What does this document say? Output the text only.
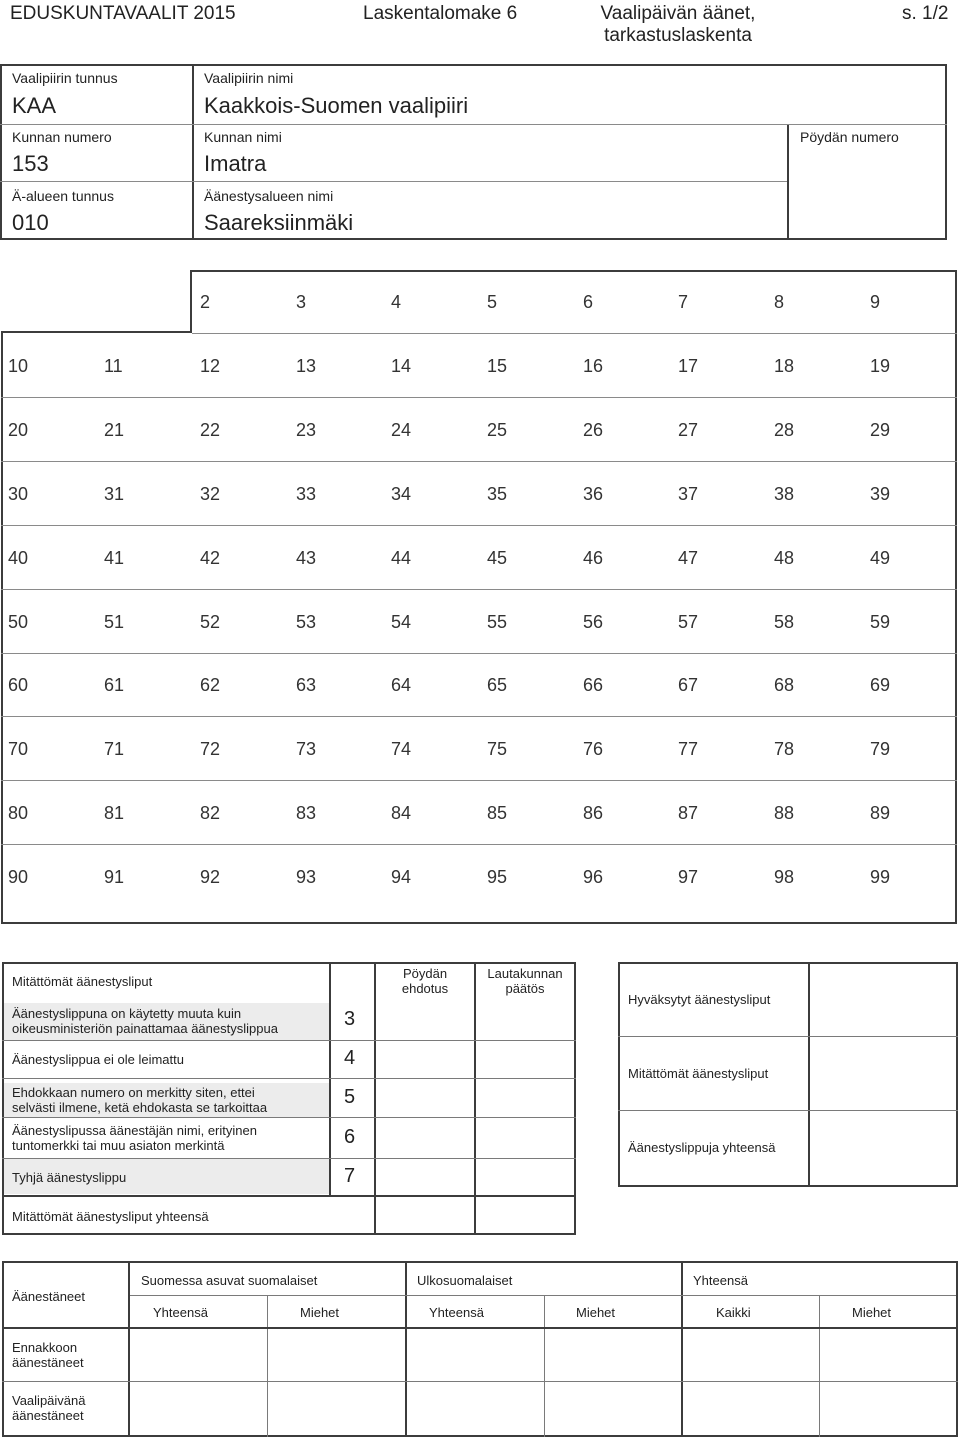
EDUSKUNTAVAALIT 2015	Laskentalomake 6	Vaalipäivän äänet,
tarkastuslaskenta
s. 1/2
Vaalipiirin tunnus
KAA
Vaalipiirin nimi
Kaakkois-Suomen vaalipiiri
Kunnan numero
153
Kunnan nimi
Imatra
Pöydän numero
Ä-alueen tunnus
010
Äänestysalueen nimi
Saareksiinmäki
2	3	4	5	6	7	8	9
10	11	12	13	14	15	16	17	18	19
20	21	22	23	24	25	26	27	28	29
30	31	32	33	34	35	36	37	38	39
40	41	42	43	44	45	46	47	48	49
50	51	52	53	54	55	56	57	58	59
60	61	62	63	64	65	66	67	68	69
70	71	72	73	74	75	76	77	78	79
80	81	82	83	84	85	86	87	88	89
90	91	92	93	94	95	96	97	98	99
Mitättömät äänestysliput
Pöydän
ehdotus
Lautakunnan
päätös
Äänestyslippuna on käytetty muuta kuin
oikeusministeriön painattamaa äänestyslippua	3
Äänestyslippua ei ole leimattu	4
Ehdokkaan numero on merkitty siten, ettei
selvästi ilmene, ketä ehdokasta se tarkoittaa	5
Äänestyslipussa äänestäjän nimi, erityinen
tuntomerkki tai muu asiaton merkintä	6
Tyhjä äänestyslippu	7
Mitättömät äänestysliput yhteensä
Hyväksytyt äänestysliput
Mitättömät äänestysliput
Äänestyslippuja yhteensä
Äänestäneet
Suomessa asuvat suomalaiset	Ulkosuomalaiset	Yhteensä
Yhteensä	Miehet	Yhteensä	Miehet	Kaikki	Miehet
Ennakkoon
äänestäneet
Vaalipäivänä
äänestäneet
